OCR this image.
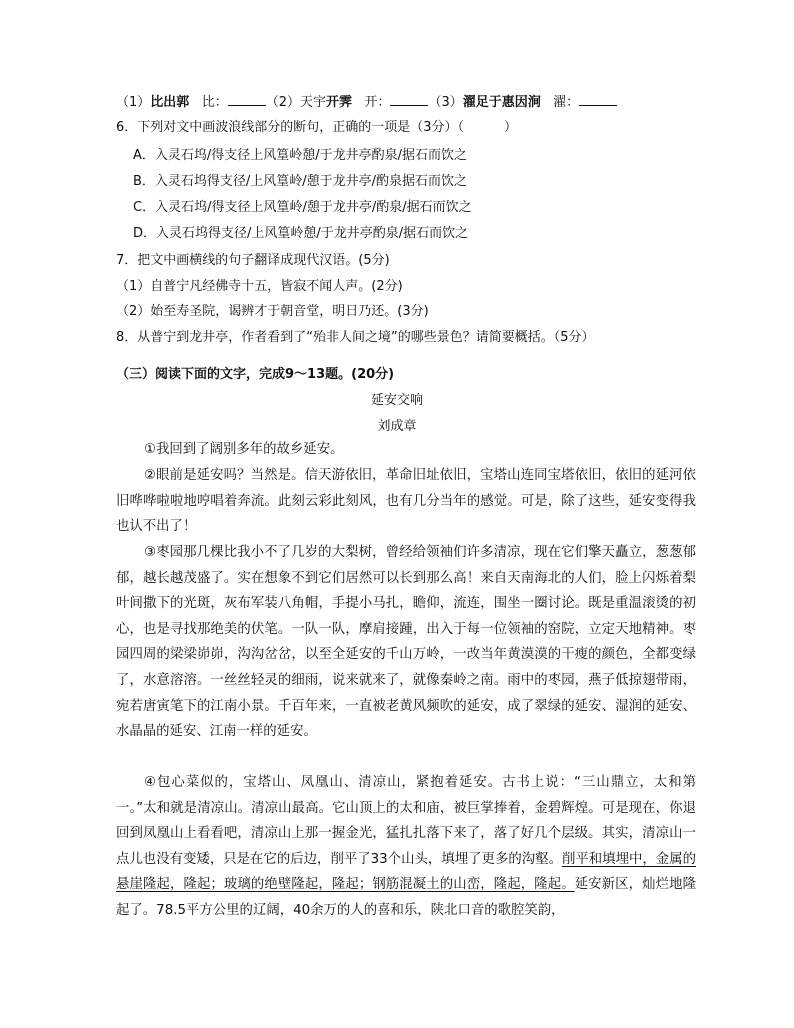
（1）比出郭 比：	（2）天宇开霁 开：	（3）濯足于惠因涧 濯：
6．下列对文中画波浪线部分的断句，正确的一项是（3分）（	）
A．入灵石坞/得支径上风篁岭憩/于龙井亭酌泉/据石而饮之
B．入灵石坞得支径/上风篁岭/憩于龙井亭/酌泉据石而饮之
C．入灵石坞/得支径上风篁岭/憩于龙井亭/酌泉/据石而饮之
D．入灵石坞得支径/上风篁岭憩/于龙井亭酌泉/据石而饮之
7．把文中画横线的句子翻译成现代汉语。(5分)
（1）自普宁凡经佛寺十五，皆寂不闻人声。(2分)
（2）始至寿圣院，谒辨才于朝音堂，明日乃还。(3分)
8．从普宁到龙井亭，作者看到了“殆非人间之境”的哪些景色？请简要概括。（5分）
（三）阅读下面的文字，完成9～13题。(20分)
延安交响
刘成章
①我回到了阔别多年的故乡延安。
②眼前是延安吗？当然是。信天游依旧，革命旧址依旧，宝塔山连同宝塔依旧，依旧的延河依旧哗哗啦啦地哼唱着奔流。此刻云彩此刻风，也有几分当年的感觉。可是，除了这些，延安变得我也认不出了！
③枣园那几棵比我小不了几岁的大梨树，曾经给领袖们许多清凉，现在它们擎天矗立，葱葱郁郁，越长越茂盛了。实在想象不到它们居然可以长到那么高！来自天南海北的人们，脸上闪烁着梨叶间撒下的光斑，灰布军装八角帽，手提小马扎，瞻仰，流连，围坐一圈讨论。既是重温滚烫的初心，也是寻找那绝美的伏笔。一队一队，摩肩接踵，出入于每一位领袖的窑院，立定天地精神。枣园四周的梁梁峁峁，沟沟岔岔，以至全延安的千山万岭，一改当年黄漠漠的干瘦的颜色，全都变绿了，水意溶溶。一丝丝轻灵的细雨，说来就来了，就像秦岭之南。雨中的枣园，燕子低掠翅带雨，宛若唐寅笔下的江南小景。千百年来，一直被老黄风频吹的延安，成了翠绿的延安、湿润的延安、水晶晶的延安、江南一样的延安。
④包心菜似的，宝塔山、凤凰山、清凉山，紧抱着延安。古书上说：“三山鼎立，太和第一。”太和就是清凉山。清凉山最高。它山顶上的太和庙，被巨掌捧着，金碧辉煌。可是现在，你退回到凤凰山上看看吧，清凉山上那一握金光，猛扎扎落下来了，落了好几个层级。其实，清凉山一点儿也没有变矮，只是在它的后边，削平了33个山头，填埋了更多的沟壑。削平和填埋中，金属的悬崖隆起，隆起；玻璃的绝壁隆起，隆起；钢筋混凝土的山峦，隆起，隆起。延安新区，灿烂地隆起了。78.5平方公里的辽阔，40余万的人的喜和乐，陕北口音的歌腔笑韵，
